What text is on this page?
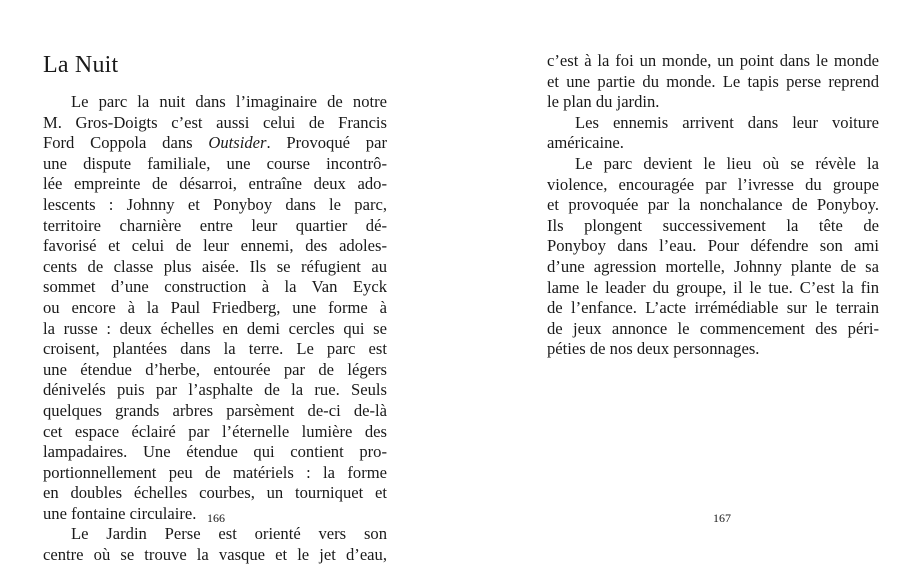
La Nuit
Le parc la nuit dans l’imaginaire de notre
M. Gros-Doigts c’est aussi celui de Francis
Ford Coppola dans Outsider. Provoqué par
une dispute familiale, une course incontrô-
lée empreinte de désarroi, entraîne deux ado-
lescents : Johnny et Ponyboy dans le parc,
territoire charnière entre leur quartier dé-
favorisé et celui de leur ennemi, des adoles-
cents de classe plus aisée. Ils se réfugient au
sommet d’une construction à la Van Eyck
ou encore à la Paul Friedberg, une forme à
la russe : deux échelles en demi cercles qui se
croisent, plantées dans la terre. Le parc est
une étendue d’herbe, entourée par de légers
dénivelés puis par l’asphalte de la rue. Seuls
quelques grands arbres parsèment de-ci de-là
cet espace éclairé par l’éternelle lumière des
lampadaires. Une étendue qui contient pro-
portionnellement peu de matériels : la forme
en doubles échelles courbes, un tourniquet et
une fontaine circulaire.
Le Jardin Perse est orienté vers son
centre où se trouve la vasque et le jet d’eau,
166
c’est à la foi un monde, un point dans le monde
et une partie du monde. Le tapis perse reprend
le plan du jardin.
Les ennemis arrivent dans leur voiture
américaine.
Le parc devient le lieu où se révèle la
violence, encouragée par l’ivresse du groupe
et provoquée par la nonchalance de Ponyboy.
Ils plongent successivement la tête de
Ponyboy dans l’eau. Pour défendre son ami
d’une agression mortelle, Johnny plante de sa
lame le leader du groupe, il le tue. C’est la fin
de l’enfance. L’acte irrémédiable sur le terrain
de jeux annonce le commencement des péri-
péties de nos deux personnages.
167
